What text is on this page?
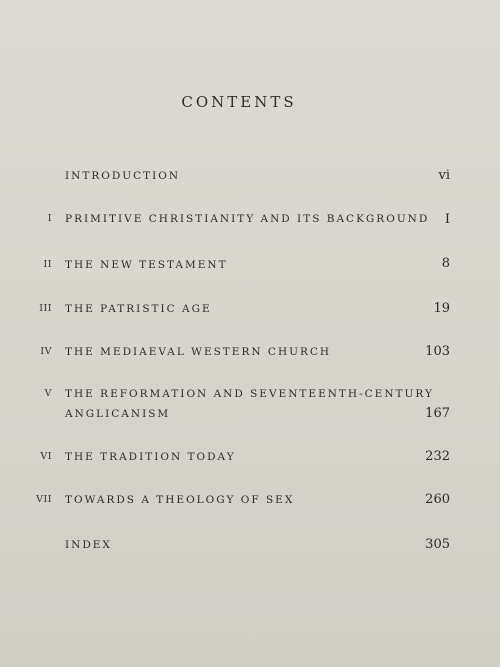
CONTENTS
INTRODUCTION	vi
I PRIMITIVE CHRISTIANITY AND ITS BACKGROUND I
II THE NEW TESTAMENT	8
III THE PATRISTIC AGE	19
IV THE MEDIAEVAL WESTERN CHURCH	103
V THE REFORMATION AND SEVENTEENTH-CENTURY
ANGLICANISM	167
VI THE TRADITION TODAY	232
VII TOWARDS A THEOLOGY OF SEX	260
INDEX	305
